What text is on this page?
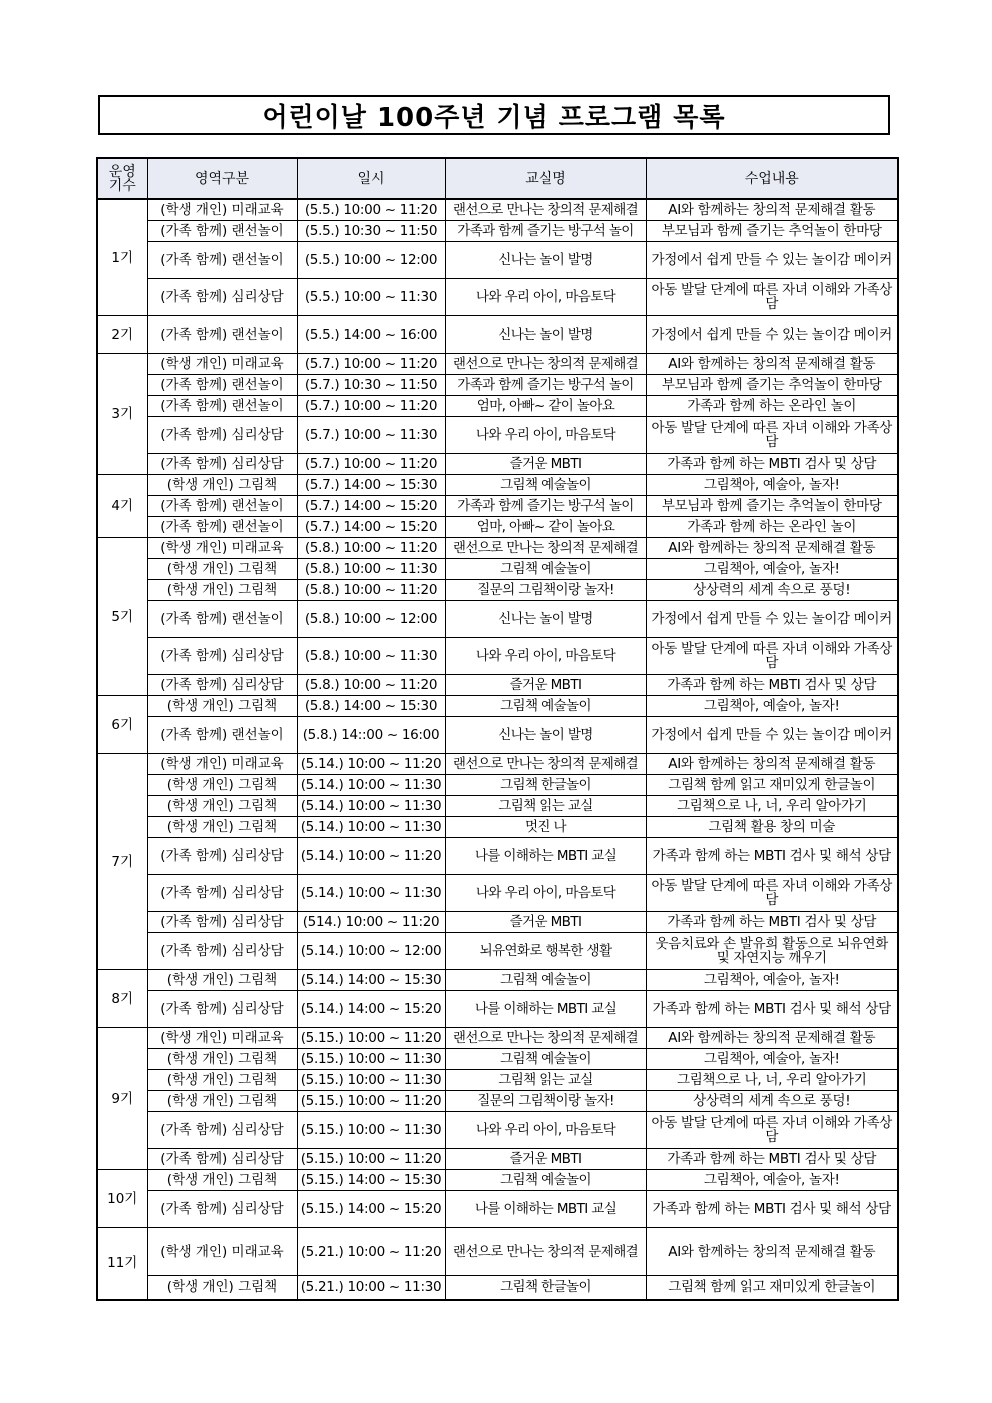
어린이날 100주년 기념 프로그램 목록
운영
기수	영역구분	일시	교실명	수업내용
1기	(학생 개인) 미래교육	(5.5.) 10:00 ~ 11:20	랜선으로 만나는 창의적 문제해결	AI와 함께하는 창의적 문제해결 활동
	(가족 함께) 랜선놀이	(5.5.) 10:30 ~ 11:50	가족과 함께 즐기는 방구석 놀이	부모님과 함께 즐기는 추억놀이 한마당
	(가족 함께) 랜선놀이	(5.5.) 10:00 ~ 12:00	신나는 놀이 발명	가정에서 쉽게 만들 수 있는 놀이감 메이커
	(가족 함께) 심리상담	(5.5.) 10:00 ~ 11:30	나와 우리 아이, 마음토닥	아동 발달 단계에 따른 자녀 이해와 가족상담
2기	(가족 함께) 랜선놀이	(5.5.) 14:00 ~ 16:00	신나는 놀이 발명	가정에서 쉽게 만들 수 있는 놀이감 메이커
3기	(학생 개인) 미래교육	(5.7.) 10:00 ~ 11:20	랜선으로 만나는 창의적 문제해결	AI와 함께하는 창의적 문제해결 활동
	(가족 함께) 랜선놀이	(5.7.) 10:30 ~ 11:50	가족과 함께 즐기는 방구석 놀이	부모님과 함께 즐기는 추억놀이 한마당
	(가족 함께) 랜선놀이	(5.7.) 10:00 ~ 11:20	엄마, 아빠~ 같이 놀아요	가족과 함께 하는 온라인 놀이
	(가족 함께) 심리상담	(5.7.) 10:00 ~ 11:30	나와 우리 아이, 마음토닥	아동 발달 단계에 따른 자녀 이해와 가족상담
	(가족 함께) 심리상담	(5.7.) 10:00 ~ 11:20	즐거운 MBTI	가족과 함께 하는 MBTI 검사 및 상담
4기	(학생 개인) 그림책	(5.7.) 14:00 ~ 15:30	그림책 예술놀이	그림책아, 예술아, 놀자!
	(가족 함께) 랜선놀이	(5.7.) 14:00 ~ 15:20	가족과 함께 즐기는 방구석 놀이	부모님과 함께 즐기는 추억놀이 한마당
	(가족 함께) 랜선놀이	(5.7.) 14:00 ~ 15:20	엄마, 아빠~ 같이 놀아요	가족과 함께 하는 온라인 놀이
5기	(학생 개인) 미래교육	(5.8.) 10:00 ~ 11:20	랜선으로 만나는 창의적 문제해결	AI와 함께하는 창의적 문제해결 활동
	(학생 개인) 그림책	(5.8.) 10:00 ~ 11:30	그림책 예술놀이	그림책아, 예술아, 놀자!
	(학생 개인) 그림책	(5.8.) 10:00 ~ 11:20	질문의 그림책이랑 놀자!	상상력의 세계 속으로 풍덩!
	(가족 함께) 랜선놀이	(5.8.) 10:00 ~ 12:00	신나는 놀이 발명	가정에서 쉽게 만들 수 있는 놀이감 메이커
	(가족 함께) 심리상담	(5.8.) 10:00 ~ 11:30	나와 우리 아이, 마음토닥	아동 발달 단계에 따른 자녀 이해와 가족상담
	(가족 함께) 심리상담	(5.8.) 10:00 ~ 11:20	즐거운 MBTI	가족과 함께 하는 MBTI 검사 및 상담
6기	(학생 개인) 그림책	(5.8.) 14:00 ~ 15:30	그림책 예술놀이	그림책아, 예술아, 놀자!
	(가족 함께) 랜선놀이	(5.8.) 14::00 ~ 16:00	신나는 놀이 발명	가정에서 쉽게 만들 수 있는 놀이감 메이커
7기	(학생 개인) 미래교육	(5.14.) 10:00 ~ 11:20	랜선으로 만나는 창의적 문제해결	AI와 함께하는 창의적 문제해결 활동
	(학생 개인) 그림책	(5.14.) 10:00 ~ 11:30	그림책 한글놀이	그림책 함께 읽고 재미있게 한글놀이
	(학생 개인) 그림책	(5.14.) 10:00 ~ 11:30	그림책 읽는 교실	그림책으로 나, 너, 우리 알아가기
	(학생 개인) 그림책	(5.14.) 10:00 ~ 11:30	멋진 나	그림책 활용 창의 미술
	(가족 함께) 심리상담	(5.14.) 10:00 ~ 11:20	나를 이해하는 MBTI 교실	가족과 함께 하는 MBTI 검사 및 해석 상담
	(가족 함께) 심리상담	(5.14.) 10:00 ~ 11:30	나와 우리 아이, 마음토닥	아동 발달 단계에 따른 자녀 이해와 가족상담
	(가족 함께) 심리상담	(514.) 10:00 ~ 11:20	즐거운 MBTI	가족과 함께 하는 MBTI 검사 및 상담
	(가족 함께) 심리상담	(5.14.) 10:00 ~ 12:00	뇌유연화로 행복한 생활	웃음치료와 손 발유희 활동으로 뇌유연화 및 자연지능 깨우기
8기	(학생 개인) 그림책	(5.14.) 14:00 ~ 15:30	그림책 예술놀이	그림책아, 예술아, 놀자!
	(가족 함께) 심리상담	(5.14.) 14:00 ~ 15:20	나를 이해하는 MBTI 교실	가족과 함께 하는 MBTI 검사 및 해석 상담
9기	(학생 개인) 미래교육	(5.15.) 10:00 ~ 11:20	랜선으로 만나는 창의적 문제해결	AI와 함께하는 창의적 문제해결 활동
	(학생 개인) 그림책	(5.15.) 10:00 ~ 11:30	그림책 예술놀이	그림책아, 예술아, 놀자!
	(학생 개인) 그림책	(5.15.) 10:00 ~ 11:30	그림책 읽는 교실	그림책으로 나, 너, 우리 알아가기
	(학생 개인) 그림책	(5.15.) 10:00 ~ 11:20	질문의 그림책이랑 놀자!	상상력의 세계 속으로 풍덩!
	(가족 함께) 심리상담	(5.15.) 10:00 ~ 11:30	나와 우리 아이, 마음토닥	아동 발달 단계에 따른 자녀 이해와 가족상담
	(가족 함께) 심리상담	(5.15.) 10:00 ~ 11:20	즐거운 MBTI	가족과 함께 하는 MBTI 검사 및 상담
10기	(학생 개인) 그림책	(5.15.) 14:00 ~ 15:30	그림책 예술놀이	그림책아, 예술아, 놀자!
	(가족 함께) 심리상담	(5.15.) 14:00 ~ 15:20	나를 이해하는 MBTI 교실	가족과 함께 하는 MBTI 검사 및 해석 상담
11기	(학생 개인) 미래교육	(5.21.) 10:00 ~ 11:20	랜선으로 만나는 창의적 문제해결	AI와 함께하는 창의적 문제해결 활동
	(학생 개인) 그림책	(5.21.) 10:00 ~ 11:30	그림책 한글놀이	그림책 함께 읽고 재미있게 한글놀이
